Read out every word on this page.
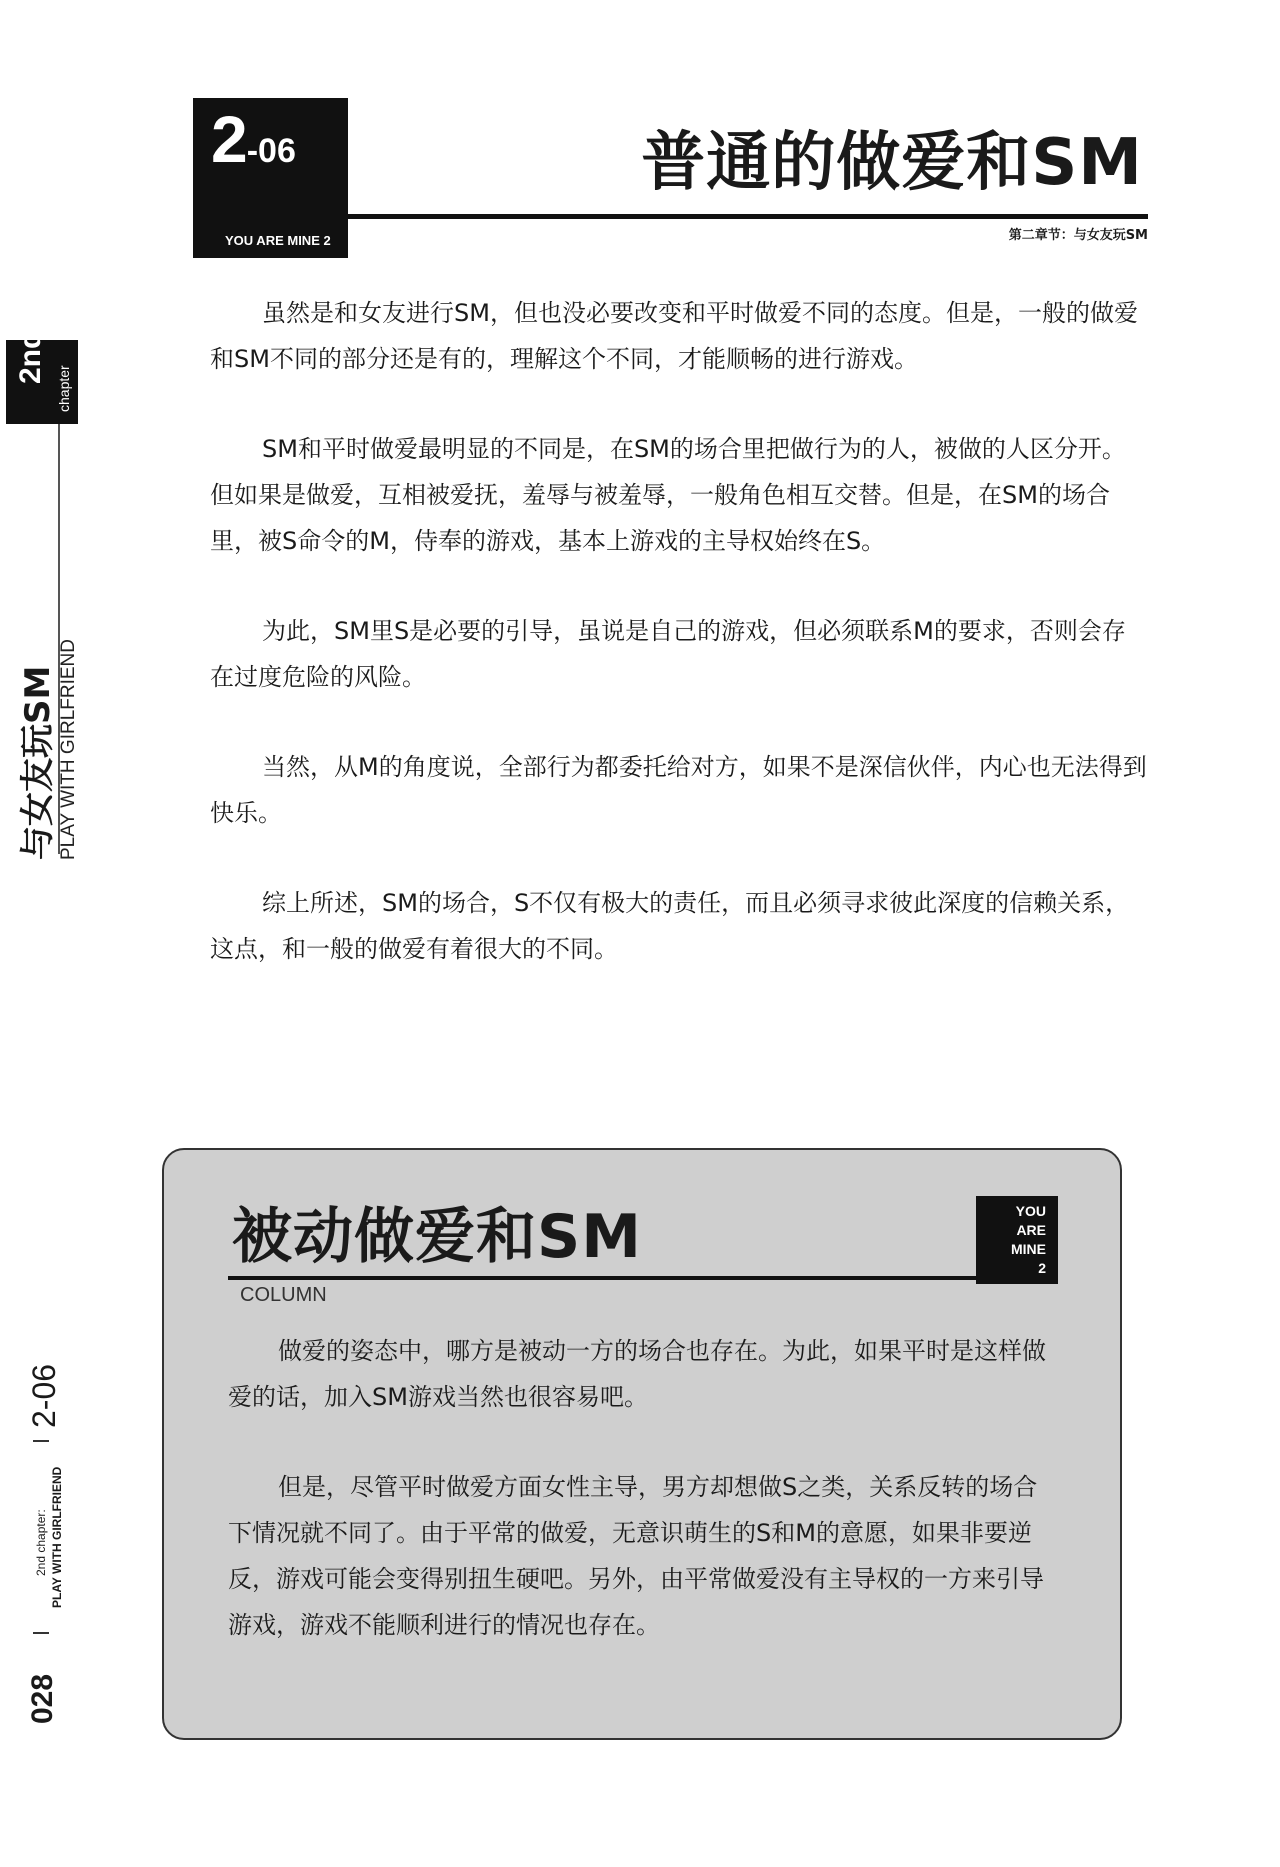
2-06
YOU ARE MINE 2
普通的做爱和SM
第二章节：与女友玩SM
2nd
chapter
与女友玩SM PLAY WITH GIRLFRIEND

虽然是和女友进行SM，但也没必要改变和平时做爱不同的态度。但是，一般的做爱和SM不同的部分还是有的，理解这个不同，才能顺畅的进行游戏。

SM和平时做爱最明显的不同是，在SM的场合里把做行为的人，被做的人区分开。但如果是做爱，互相被爱抚，羞辱与被羞辱，一般角色相互交替。但是，在SM的场合里，被S命令的M，侍奉的游戏，基本上游戏的主导权始终在S。

为此，SM里S是必要的引导，虽说是自己的游戏，但必须联系M的要求，否则会存在过度危险的风险。

当然，从M的角度说，全部行为都委托给对方，如果不是深信伙伴，内心也无法得到快乐。

综上所述，SM的场合，S不仅有极大的责任，而且必须寻求彼此深度的信赖关系，这点，和一般的做爱有着很大的不同。

被动做爱和SM
COLUMN
YOU
ARE
MINE
2

做爱的姿态中，哪方是被动一方的场合也存在。为此，如果平时是这样做爱的话，加入SM游戏当然也很容易吧。

但是，尽管平时做爱方面女性主导，男方却想做S之类，关系反转的场合下情况就不同了。由于平常的做爱，无意识萌生的S和M的意愿，如果非要逆反，游戏可能会变得别扭生硬吧。另外，由平常做爱没有主导权的一方来引导游戏，游戏不能顺利进行的情况也存在。

028
2nd chapter: PLAY WITH GIRLFRIEND
2-06
